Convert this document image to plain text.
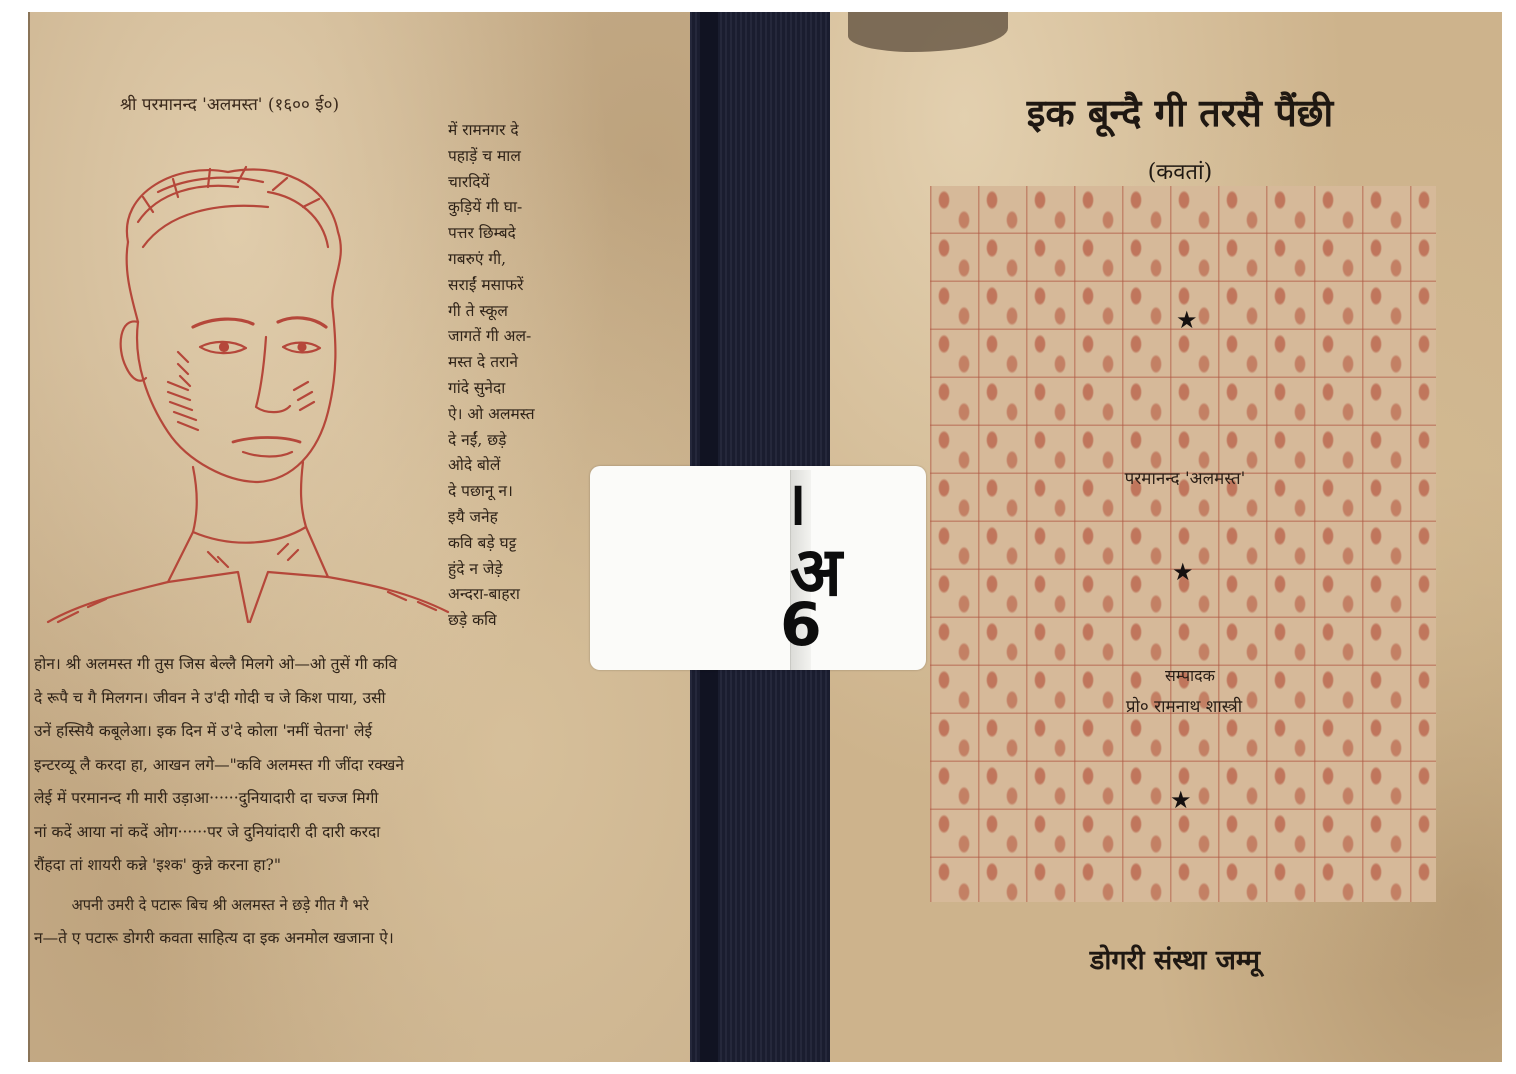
श्री परमानन्द 'अलमस्त' (१६०० ई०)
में रामनगर दे
पहाड़ें च माल
चारदियें
कुड़ियें गी घा-
पत्तर छिम्बदे
गबरुएं गी,
सराईं मसाफरें
गी ते स्कूल
जागतें गी अल-
मस्त दे तराने
गांदे सुनेदा
ऐ। ओ अलमस्त
दे नईं, छड़े
ओदे बोलें
दे पछानू न।
इयै जनेह
कवि बड़े घट्ट
हुंदे न जेड़े
अन्दरा-बाहरा
छड़े कवि
होन। श्री अलमस्त गी तुस जिस बेल्लै मिलगे ओ—ओ तुसें गी कवि
दे रूपै च गै मिलगन। जीवन ने उ'दी गोदी च जे किश पाया, उसी
उनें हस्सियै कबूलेआ। इक दिन में उ'दे कोला 'नमीं चेतना' लेई
इन्टरव्यू लै करदा हा, आखन लगे—"कवि अलमस्त गी जींदा रक्खने
लेई में परमानन्द गी मारी उड़ाआ······दुनियादारी दा चज्ज मिगी
नां कदें आया नां कदें ओग······पर जे दुनियांदारी दी दारी करदा
रौंहदा तां शायरी कन्ने 'इश्क' कुन्ने करना हा?"
अपनी उमरी दे पटारू बिच श्री अलमस्त ने छड़े गीत गै भरे
न—ते ए पटारू डोगरी कवता साहित्य दा इक अनमोल खजाना ऐ।
इक बून्दै गी तरसै पैंछी
(कवतां)
★
परमानन्द 'अलमस्त'
★
सम्पादक
प्रो० रामनाथ शास्त्री
★
डोगरी संस्था जम्मू
।
अ
6
